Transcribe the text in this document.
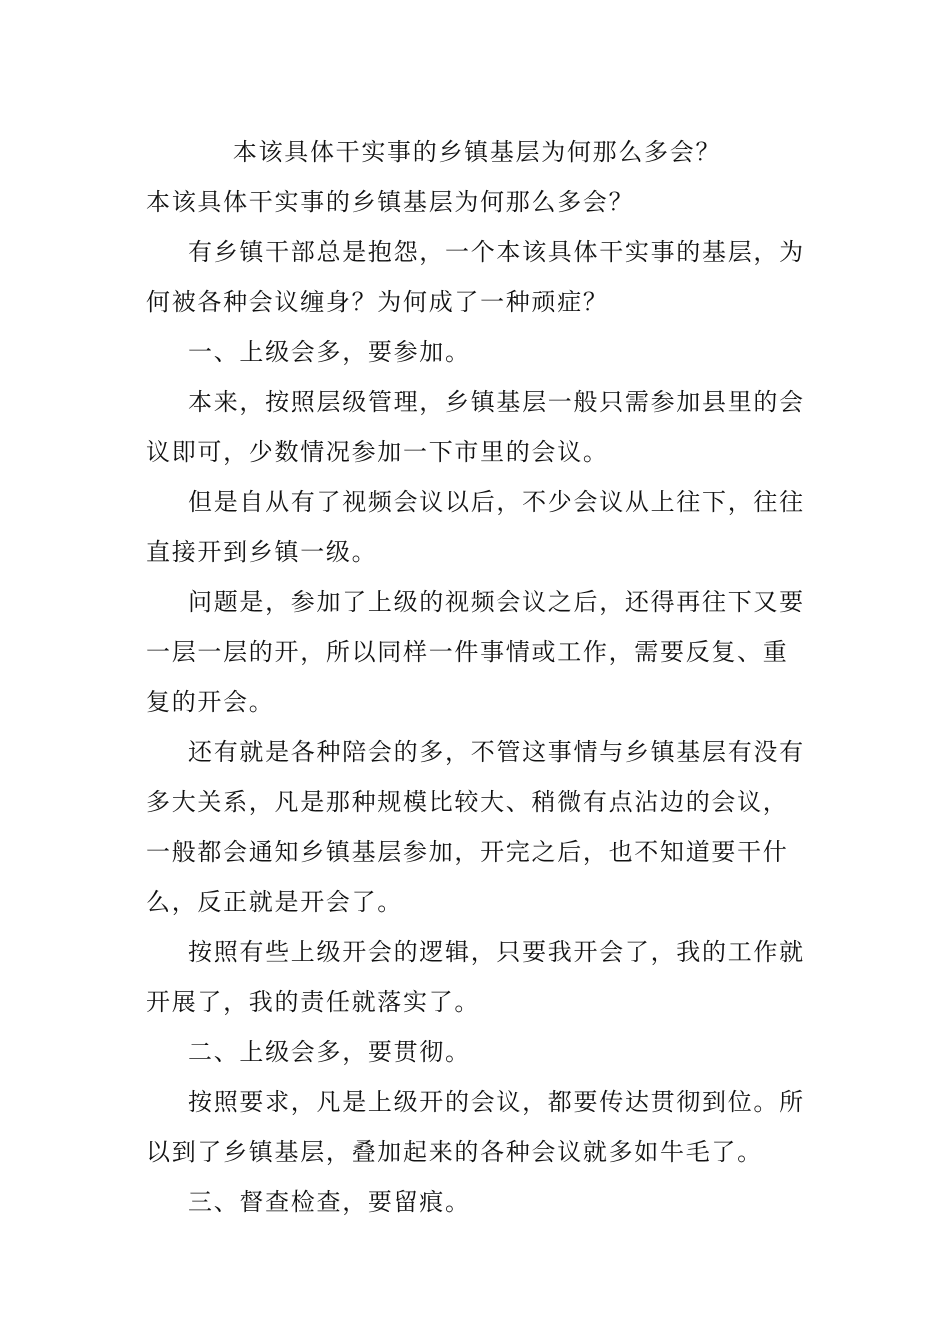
本该具体干实事的乡镇基层为何那么多会？

本该具体干实事的乡镇基层为何那么多会？

有乡镇干部总是抱怨，一个本该具体干实事的基层，为何被各种会议缠身？为何成了一种顽症？

一、上级会多，要参加。

本来，按照层级管理，乡镇基层一般只需参加县里的会议即可，少数情况参加一下市里的会议。

但是自从有了视频会议以后，不少会议从上往下，往往直接开到乡镇一级。

问题是，参加了上级的视频会议之后，还得再往下又要一层一层的开，所以同样一件事情或工作，需要反复、重复的开会。

还有就是各种陪会的多，不管这事情与乡镇基层有没有多大关系，凡是那种规模比较大、稍微有点沾边的会议，一般都会通知乡镇基层参加，开完之后，也不知道要干什么，反正就是开会了。

按照有些上级开会的逻辑，只要我开会了，我的工作就开展了，我的责任就落实了。

二、上级会多，要贯彻。

按照要求，凡是上级开的会议，都要传达贯彻到位。所以到了乡镇基层，叠加起来的各种会议就多如牛毛了。

三、督查检查，要留痕。
